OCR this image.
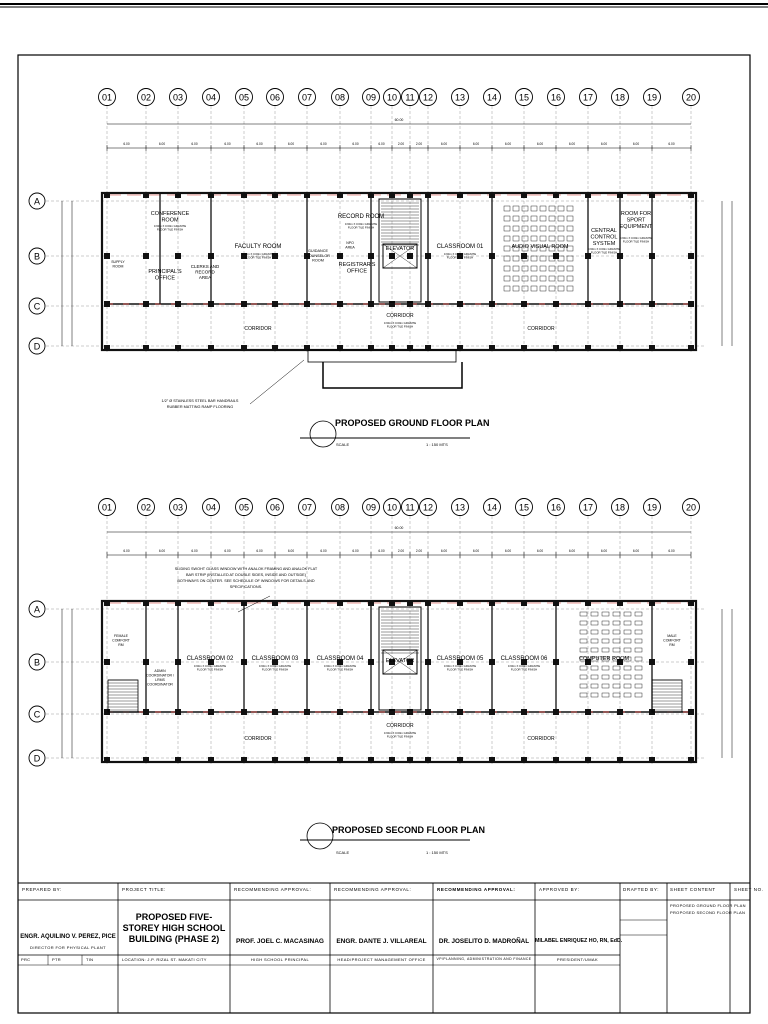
01	02 03	04	05 06 07	08 09 10 11 12 13 14 15 16 17 18 19	20
60.00
6.00	6.00	6.00	6.00	6.00	6.00	6.00	6.00	6.00	2.00	2.00	6.00	6.00	6.00	6.00	6.00	6.00	6.00	6.00
A
B
C
D
CONFERENCE
ROOM
0.60m X 0.60m GRANITE
FLOOR TILE FINISH
FACULTY ROOM
0.60m X 0.60m GRANITE
FLOOR TILE FINISH
RECORD ROOM
0.60m X 0.60m GRANITE
FLOOR TILE FINISH
CLASSROOM 01
0.60m X 0.60m GRANITE
FLOOR TILE FINISH
AUDIO VISUAL ROOM
CENTRAL
CONTROL
SYSTEM
0.60m X 0.60m GRANITE
FLOOR TILE FINISH
ROOM FOR
SPORT
EQUIPMENT
0.60m X 0.60m GRANITE
FLOOR TILE FINISH
PRINCIPAL'S
OFFICE
CLERKS AND
RECORD
AREA
GUIDANCE
COUNSELOR
ROOM
REGISTRAR'S
OFFICE
ELEVATOR
CORRIDOR
CORRIDOR
0.60m X 0.60m GRANITE
FLOOR TILE FINISH	CORRIDOR
SUPPLY
ROOM
NPO
AREA
1/2" Ø STAINLESS STEEL BAR HANDRAILS
RUBBER MATTING RAMP FLOORING
01	02 03	04	05 06 07	08 09 10 11 12 13 14 15 16 17 18 19	20
60.00
6.00	6.00	6.00	6.00	6.00	6.00	6.00	6.00	6.00	2.00	2.00	6.00	6.00	6.00	6.00	6.00	6.00	6.00	6.00
A
B
C
D
CLASSROOM 02
0.60m X 0.60m GRANITE
FLOOR TILE FINISH
CLASSROOM 03
0.60m X 0.60m GRANITE
FLOOR TILE FINISH
CLASSROOM 04
0.60m X 0.60m GRANITE
FLOOR TILE FINISH
ELEVATOR	CLASSROOM 05
0.60m X 0.60m GRANITE
FLOOR TILE FINISH
CLASSROOM 06
0.60m X 0.60m GRANITE
FLOOR TILE FINISH
COMPUTER ROOM
CORRIDOR
CORRIDOR
0.60m X 0.60m GRANITE
FLOOR TILE FINISH	CORRIDOR
FEMALE
COMFORT
RM
MALE
COMFORT
RM
ADMIN
COORDINATOR /
LRMS
COORDINATOR
SLIDING SWOHT GLASS WINDOW WITH ANALOK FRAMING AND ANALOK FLAT
BAR STRIP (INSTALLED AT DOUBLE SIDES, INSIDE AND OUTSIDE)
BOTHWAYS ON CENTER. SEE SCHEDULE OF WINDOWS FOR DETAILS AND
SPECIFICATIONS.
PROPOSED GROUND FLOOR PLAN
SCALE	1 : 150 MTS
PROPOSED SECOND FLOOR PLAN
SCALE	1 : 150 MTS
PREPARED BY:
ENGR. AQUILINO V. PEREZ, PICE
DIRECTOR FOR PHYSICAL PLANT
PROJECT TITLE:
PROPOSED FIVE-STOREY HIGH SCHOOL BUILDING (PHASE 2)
RECOMMENDING APPROVAL:
PROF. JOEL C. MACASINAG
HIGH SCHOOL PRINCIPAL
RECOMMENDING APPROVAL:
ENGR. DANTE J. VILLAREAL
HEAD/PROJECT MANAGEMENT OFFICE
RECOMMENDING APPROVAL:
DR. JOSELITO D. MADROÑAL
VP/PLANNING, ADMINISTRATION AND FINANCE
APPROVED BY:
MILABEL ENRIQUEZ HO, RN, EdD.
PRESIDENT/UMAK
DRAFTED BY: SHEET CONTENT
PROPOSED GROUND FLOOR PLAN
PROPOSED SECOND FLOOR PLAN
SHEET NO.
PRC	PTR	TIN	LOCATION: J.P. RIZAL ST. MAKATI CITY
